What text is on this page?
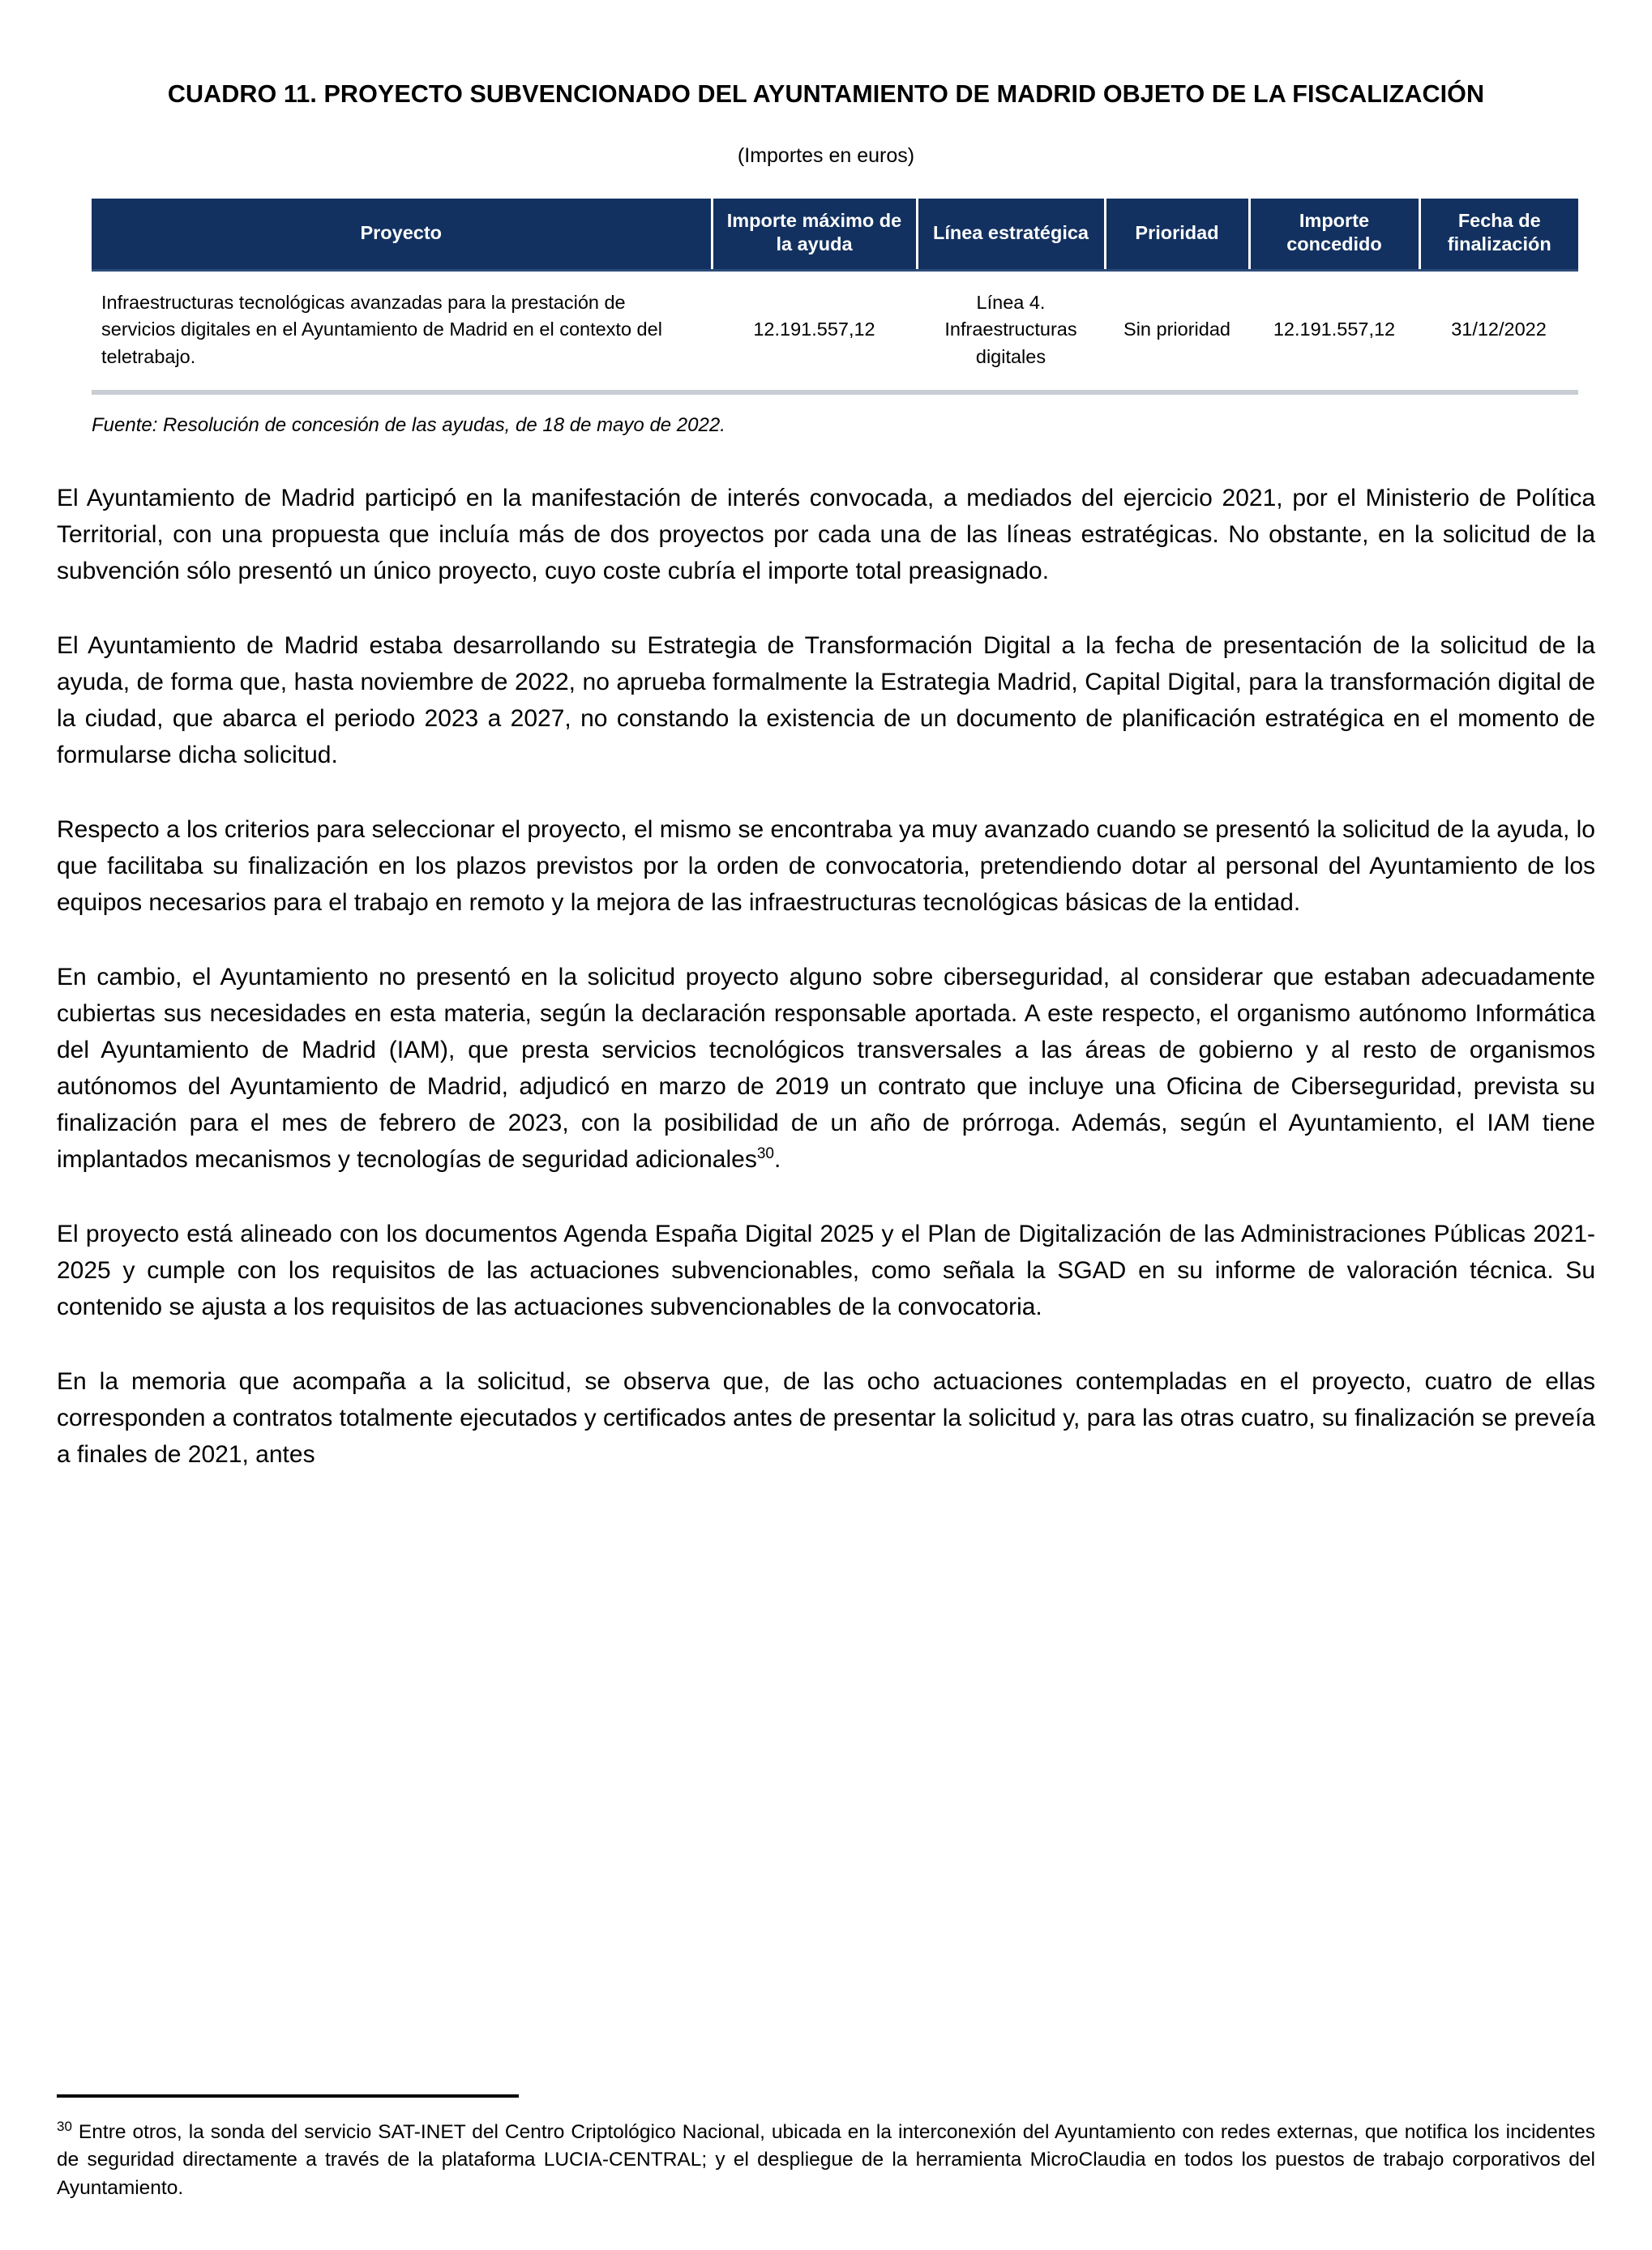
CUADRO 11. PROYECTO SUBVENCIONADO DEL AYUNTAMIENTO DE MADRID OBJETO DE LA FISCALIZACIÓN
(Importes en euros)
Proyecto	Importe máximo de la ayuda	Línea estratégica	Prioridad	Importe concedido	Fecha de finalización
Infraestructuras tecnológicas avanzadas para la prestación de servicios digitales en el Ayuntamiento de Madrid en el contexto del teletrabajo.	12.191.557,12	Línea 4. Infraestructuras digitales	Sin prioridad	12.191.557,12	31/12/2022
Fuente: Resolución de concesión de las ayudas, de 18 de mayo de 2022.

El Ayuntamiento de Madrid participó en la manifestación de interés convocada, a mediados del ejercicio 2021, por el Ministerio de Política Territorial, con una propuesta que incluía más de dos proyectos por cada una de las líneas estratégicas. No obstante, en la solicitud de la subvención sólo presentó un único proyecto, cuyo coste cubría el importe total preasignado.

El Ayuntamiento de Madrid estaba desarrollando su Estrategia de Transformación Digital a la fecha de presentación de la solicitud de la ayuda, de forma que, hasta noviembre de 2022, no aprueba formalmente la Estrategia Madrid, Capital Digital, para la transformación digital de la ciudad, que abarca el periodo 2023 a 2027, no constando la existencia de un documento de planificación estratégica en el momento de formularse dicha solicitud.

Respecto a los criterios para seleccionar el proyecto, el mismo se encontraba ya muy avanzado cuando se presentó la solicitud de la ayuda, lo que facilitaba su finalización en los plazos previstos por la orden de convocatoria, pretendiendo dotar al personal del Ayuntamiento de los equipos necesarios para el trabajo en remoto y la mejora de las infraestructuras tecnológicas básicas de la entidad.

En cambio, el Ayuntamiento no presentó en la solicitud proyecto alguno sobre ciberseguridad, al considerar que estaban adecuadamente cubiertas sus necesidades en esta materia, según la declaración responsable aportada. A este respecto, el organismo autónomo Informática del Ayuntamiento de Madrid (IAM), que presta servicios tecnológicos transversales a las áreas de gobierno y al resto de organismos autónomos del Ayuntamiento de Madrid, adjudicó en marzo de 2019 un contrato que incluye una Oficina de Ciberseguridad, prevista su finalización para el mes de febrero de 2023, con la posibilidad de un año de prórroga. Además, según el Ayuntamiento, el IAM tiene implantados mecanismos y tecnologías de seguridad adicionales$^{30}$.

El proyecto está alineado con los documentos Agenda España Digital 2025 y el Plan de Digitalización de las Administraciones Públicas 2021-2025 y cumple con los requisitos de las actuaciones subvencionables, como señala la SGAD en su informe de valoración técnica. Su contenido se ajusta a los requisitos de las actuaciones subvencionables de la convocatoria.

En la memoria que acompaña a la solicitud, se observa que, de las ocho actuaciones contempladas en el proyecto, cuatro de ellas corresponden a contratos totalmente ejecutados y certificados antes de presentar la solicitud y, para las otras cuatro, su finalización se preveía a finales de 2021, antes

$^{30}$ Entre otros, la sonda del servicio SAT-INET del Centro Criptológico Nacional, ubicada en la interconexión del Ayuntamiento con redes externas, que notifica los incidentes de seguridad directamente a través de la plataforma LUCIA-CENTRAL; y el despliegue de la herramienta MicroClaudia en todos los puestos de trabajo corporativos del Ayuntamiento.
